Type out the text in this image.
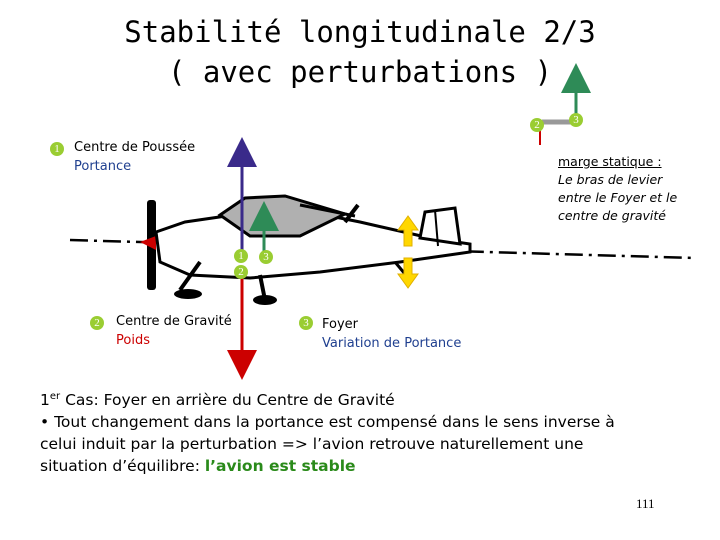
Stabilité longitudinale 2/3
( avec perturbations )
1
2	3
1
2
3
2	3
Centre de Poussée
Portance
Centre de Gravité
Poids
Foyer
Variation de Portance
marge statique :
Le bras de levier
entre le Foyer et le
centre de gravité
1er Cas: Foyer en arrière du Centre de Gravité
• Tout changement dans la portance est compensé dans le sens inverse à
celui induit par la perturbation => l’avion retrouve naturellement une
situation d’équilibre: l’avion est stable
111
